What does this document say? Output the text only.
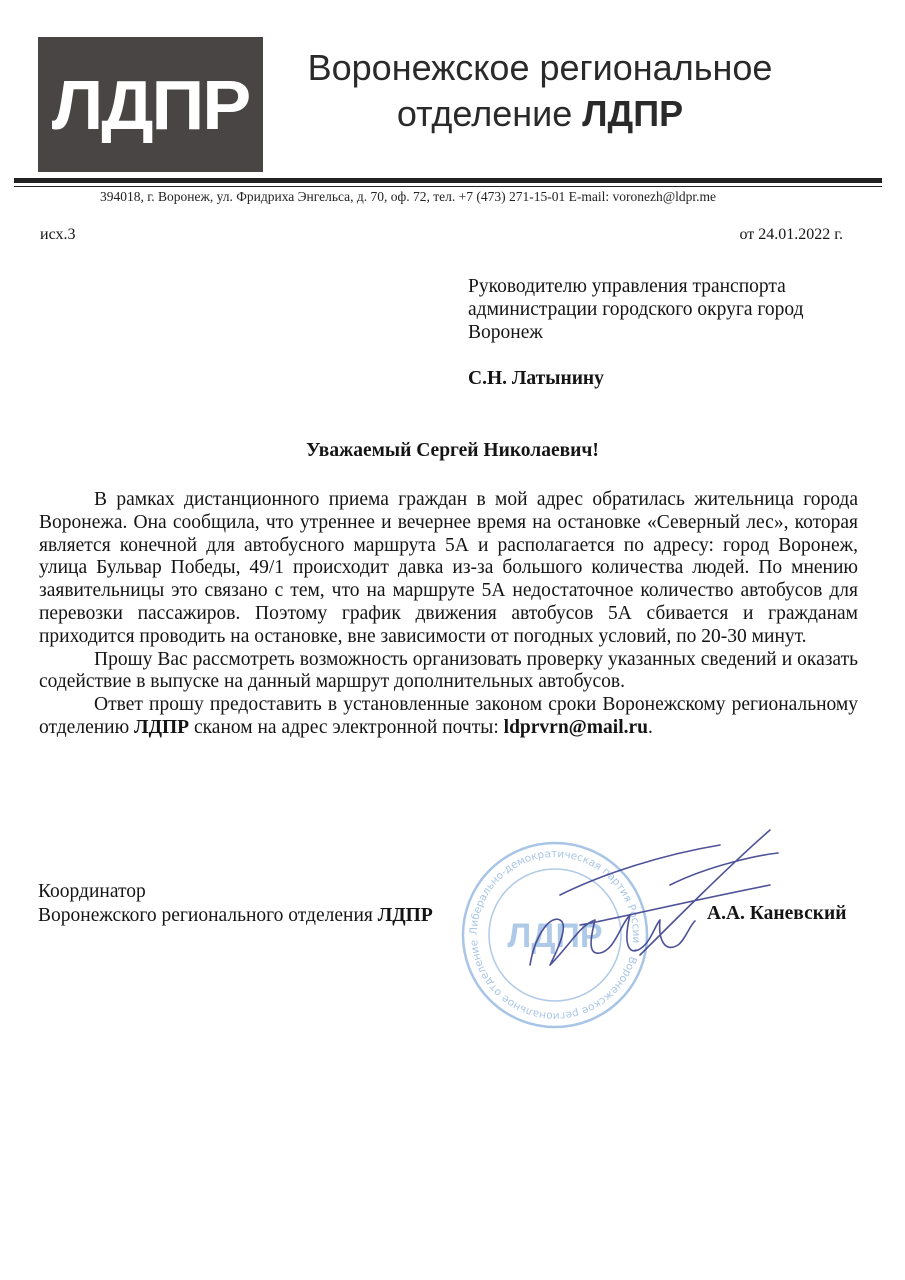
ЛДПР	Воронежское региональное
отделение ЛДПР
394018, г. Воронеж, ул. Фридриха Энгельса, д. 70, оф. 72, тел. +7 (473) 271-15-01 E-mail: voronezh@ldpr.me
исх.3	от 24.01.2022 г.
Руководителю управления транспорта администрации городского округа город Воронеж
С.Н. Латынину
Уважаемый Сергей Николаевич!

В рамках дистанционного приема граждан в мой адрес обратилась жительница города Воронежа. Она сообщила, что утреннее и вечернее время на остановке «Северный лес», которая является конечной для автобусного маршрута 5А и располагается по адресу: город Воронеж, улица Бульвар Победы, 49/1 происходит давка из-за большого количества людей. По мнению заявительницы это связано с тем, что на маршруте 5А недостаточное количество автобусов для перевозки пассажиров. Поэтому график движения автобусов 5А сбивается и гражданам приходится проводить на остановке, вне зависимости от погодных условий, по 20-30 минут.

Прошу Вас рассмотреть возможность организовать проверку указанных сведений и оказать содействие в выпуске на данный маршрут дополнительных автобусов.

Ответ прошу предоставить в установленные законом сроки Воронежскому региональному отделению ЛДПР сканом на адрес электронной почты: ldprvrn@mail.ru.

Либерально-демократическая партия России • Воронежское региональное отделение ЛДПР
Координатор
Воронежского регионального отделения ЛДПР	А.А. Каневский
